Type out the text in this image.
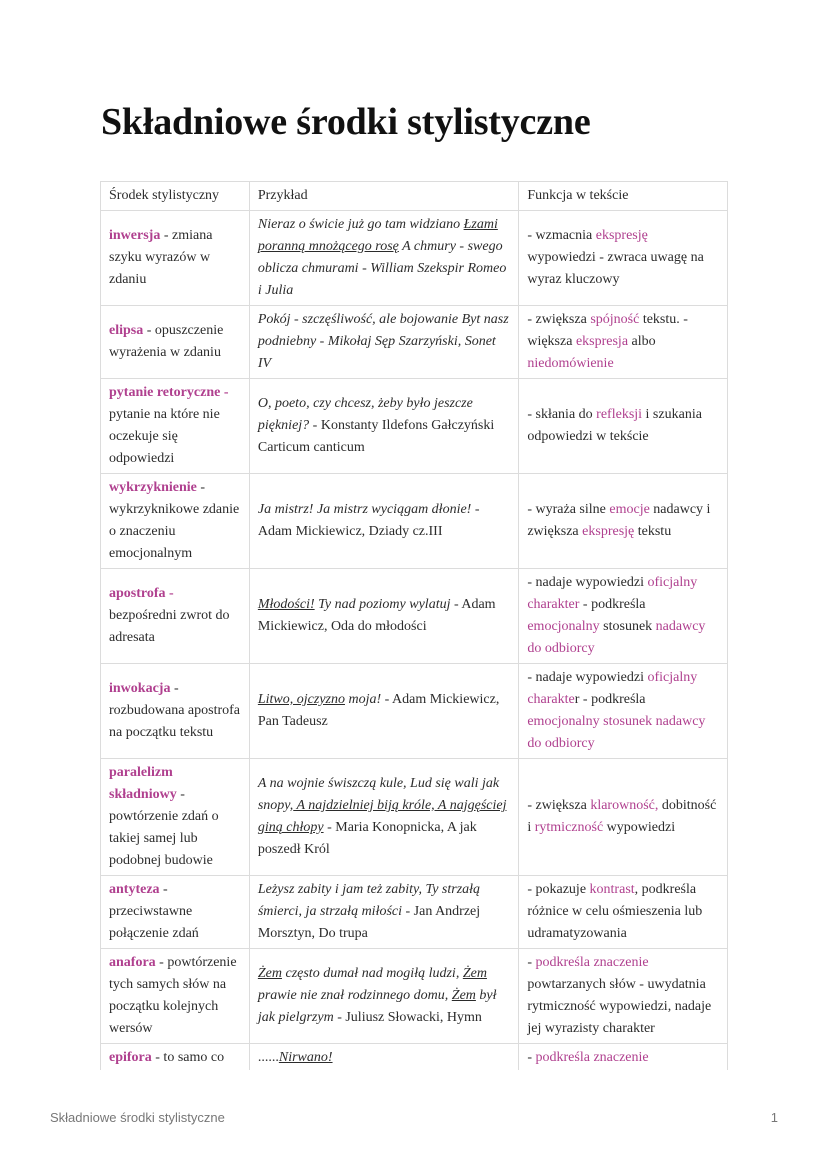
Składniowe środki stylistyczne
Środek stylistyczny	Przykład	Funkcja w tekście
inwersja - zmiana szyku wyrazów w zdaniu	Nieraz o świcie już go tam widziano Łzami poranną mnożącego rosę A chmury - swego oblicza chmurami - William Szekspir Romeo i Julia	- wzmacnia ekspresję wypowiedzi - zwraca uwagę na wyraz kluczowy
elipsa - opuszczenie wyrażenia w zdaniu	Pokój - szczęśliwość, ale bojowanie Byt nasz podniebny - Mikołaj Sęp Szarzyński, Sonet IV	- zwiększa spójność tekstu. - większa ekspresja albo niedomówienie
pytanie retoryczne - pytanie na które nie oczekuje się odpowiedzi	O, poeto, czy chcesz, żeby było jeszcze piękniej? - Konstanty Ildefons Gałczyński Carticum canticum	- skłania do refleksji i szukania odpowiedzi w tekście
wykrzyknienie - wykrzyknikowe zdanie o znaczeniu emocjonalnym	Ja mistrz! Ja mistrz wyciągam dłonie! - Adam Mickiewicz, Dziady cz.III	- wyraża silne emocje nadawcy i zwiększa ekspresję tekstu
apostrofa - bezpośredni zwrot do adresata	Młodości! Ty nad poziomy wylatuj - Adam Mickiewicz, Oda do młodości	- nadaje wypowiedzi oficjalny charakter - podkreśla emocjonalny stosunek nadawcy do odbiorcy
inwokacja - rozbudowana apostrofa na początku tekstu	Litwo, ojczyzno moja! - Adam Mickiewicz, Pan Tadeusz	- nadaje wypowiedzi oficjalny charakter - podkreśla emocjonalny stosunek nadawcy do odbiorcy
paralelizm składniowy - powtórzenie zdań o takiej samej lub podobnej budowie	A na wojnie świszczą kule, Lud się wali jak snopy, A najdzielniej biją króle, A najgęściej giną chłopy - Maria Konopnicka, A jak poszedł Król	- zwiększa klarowność, dobitność i rytmiczność wypowiedzi
antyteza - przeciwstawne połączenie zdań	Leżysz zabity i jam też zabity, Ty strzałą śmierci, ja strzałą miłości - Jan Andrzej Morsztyn, Do trupa	- pokazuje kontrast, podkreśla różnice w celu ośmieszenia lub udramatyzowania
anafora - powtórzenie tych samych słów na początku kolejnych wersów	Żem często dumał nad mogiłą ludzi, Żem prawie nie znał rodzinnego domu, Żem był jak pielgrzym - Juliusz Słowacki, Hymn	- podkreśla znaczenie powtarzanych słów - uwydatnia rytmiczność wypowiedzi, nadaje jej wyrazisty charakter
epifora - to samo co	......Nirwano!	- podkreśla znaczenie
Składniowe środki stylistyczne	1
